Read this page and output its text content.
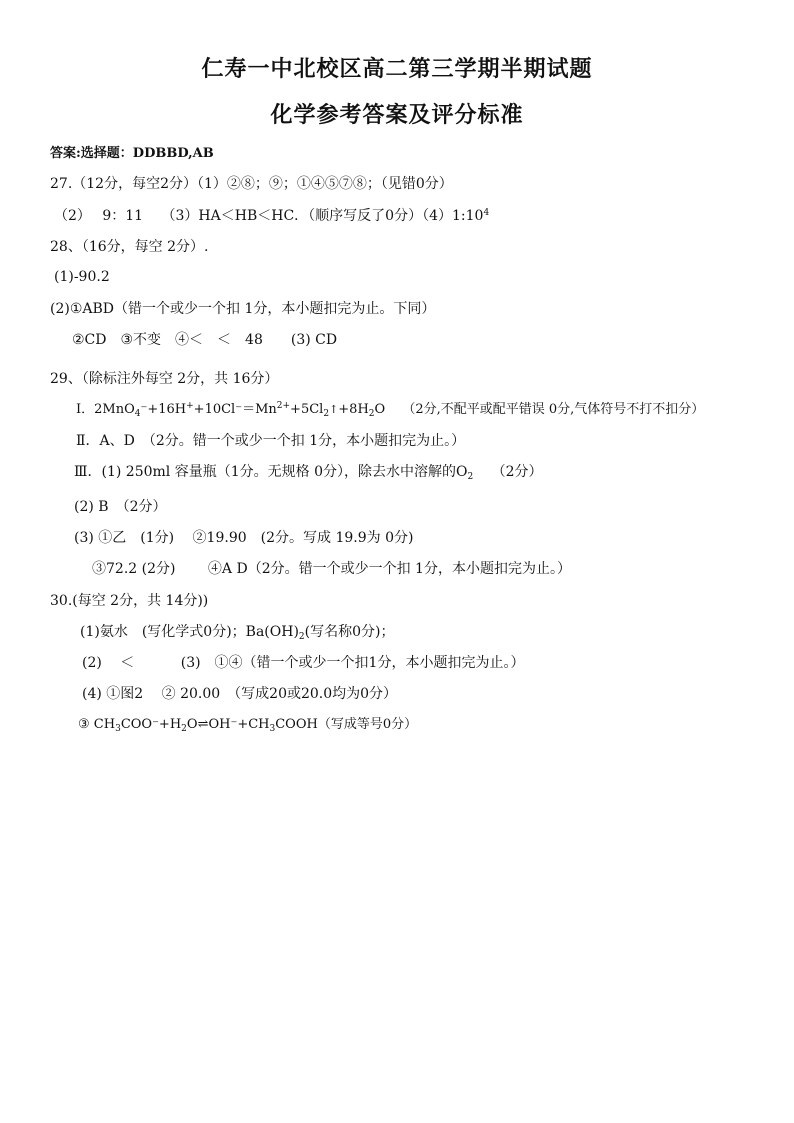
仁寿一中北校区高二第三学期半期试题
化学参考答案及评分标准
答案:选择题：DDBBD,AB
27.（12分，每空2分）（1）②⑧；⑨；①④⑤⑦⑧；（见错0分）
（2）　 9：11　 （3）HA＜HB＜HC．（顺序写反了0分）$(4)1:10^4$
28、（16分，每空 2分）.
(1)-90.2
(2)①ABD（错一个或少一个扣 1分，本小题扣完为止。下同）
②CD　③不变　④＜　＜　48　　(3) CD
29、（除标注外每空 2分，共 16分）
Ⅰ．$2MnO_4^-+16H^++10Cl^-=Mn^{2+}+5Cl_2↑+8H_2O$　 （2分,不配平或配平错误 0分,气体符号不打不扣分）
Ⅱ．A、D　（2分。错一个或少一个扣 1分，本小题扣完为止。）
Ⅲ．(1) 250ml 容量瓶（1分。无规格 0分），除去水中溶解的$O_2$　 （2分）
(2) B　（2分）
(3) ①乙　(1分)　 ②19.90　(2分。写成 19.9为 0分)
③72.2 (2分)　　 ④A D（2分。错一个或少一个扣 1分，本小题扣完为止。）
30.(每空 2分，共 14分))
(1)氨水　(写化学式0分)；$Ba(OH)_2$(写名称0分)；
(2)　 ＜　　　 (3)　①④（错一个或少一个扣1分，本小题扣完为止。）
(4) ①图2　 ② 20.00　（写成20或20.0均为0分）
③ $CH_3COO^-+H_2O\rightleftharpoons OH^-+CH_3COOH$（写成等号0分）
